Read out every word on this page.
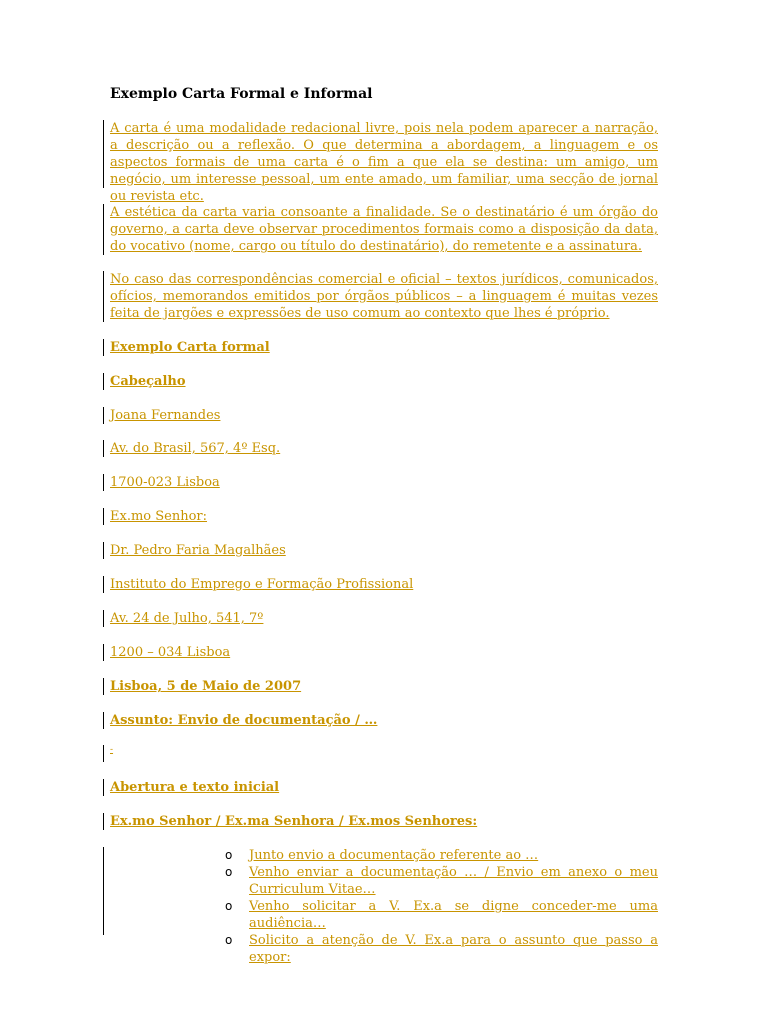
Exemplo Carta Formal e Informal
A carta é uma modalidade redacional livre, pois nela podem aparecer a narração, a descrição ou a reflexão. O que determina a abordagem, a linguagem e os aspectos formais de uma carta é o fim a que ela se destina: um amigo, um negócio, um interesse pessoal, um ente amado, um familiar, uma secção de jornal ou revista etc.
A estética da carta varia consoante a finalidade. Se o destinatário é um órgão do governo, a carta deve observar procedimentos formais como a disposição da data, do vocativo (nome, cargo ou título do destinatário), do remetente e a assinatura.
No caso das correspondências comercial e oficial – textos jurídicos, comunicados, ofícios, memorandos emitidos por órgãos públicos – a linguagem é muitas vezes feita de jargões e expressões de uso comum ao contexto que lhes é próprio.
Exemplo Carta formal
Cabeçalho
Joana Fernandes
Av. do Brasil, 567, 4º Esq.
1700-023 Lisboa
Ex.mo Senhor:
Dr. Pedro Faria Magalhães
Instituto do Emprego e Formação Profissional
Av. 24 de Julho, 541, 7º
1200 – 034 Lisboa
Lisboa, 5 de Maio de 2007
Assunto: Envio de documentação / …
-
Abertura e texto inicial
Ex.mo Senhor / Ex.ma Senhora / Ex.mos Senhores:
o Junto envio a documentação referente ao …
o Venho enviar a documentação … / Envio em anexo o meu Curriculum Vitae…
o Venho solicitar a V. Ex.a se digne conceder-me uma audiência…
o Solicito a atenção de V. Ex.a para o assunto que passo a expor:
